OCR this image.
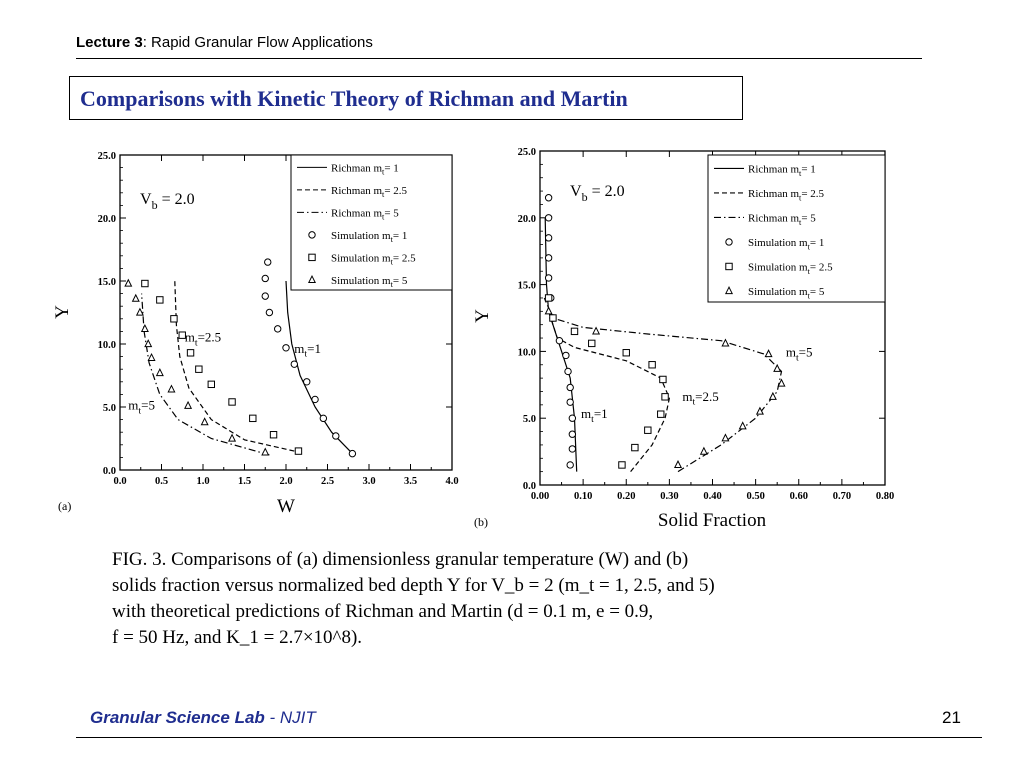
Lecture 3: Rapid Granular Flow Applications
Comparisons with Kinetic Theory of Richman and Martin
0.0	0.5	1.0	1.5	2.0	2.5	3.0	3.5	4.0
0.0
5.0
10.0
15.0
20.0
25.0
W
Y
(a)
$V_b = 2.0$
$m_t=2.5$
$m_t=1$
$m_t=5$
Richman $m_t= 1$
Richman $m_t= 2.5$
Richman $m_t= 5$
Simulation $m_t= 1$
Simulation $m_t= 2.5$
Simulation $m_t= 5$
0.00 0.10 0.20 0.30 0.40 0.50 0.60 0.70 0.80
0.0
5.0
10.0
15.0
20.0
25.0
Solid Fraction
Y
(b)
$V_b = 2.0$
$m_t=1$
$m_t=2.5$
$m_t=5$
Richman $m_t= 1$
Richman $m_t= 2.5$
Richman $m_t= 5$
Simulation $m_t= 1$
Simulation $m_t= 2.5$
Simulation $m_t= 5$

FIG. 3. Comparisons of (a) dimensionless granular temperature (W) and (b)

solids fraction versus normalized bed depth Y for V_b = 2 (m_t = 1, 2.5, and 5)

with theoretical predictions of Richman and Martin (d = 0.1 m, e = 0.9,

f = 50 Hz, and K_1 = 2.7×10^8).

Granular Science Lab - NJIT	21
